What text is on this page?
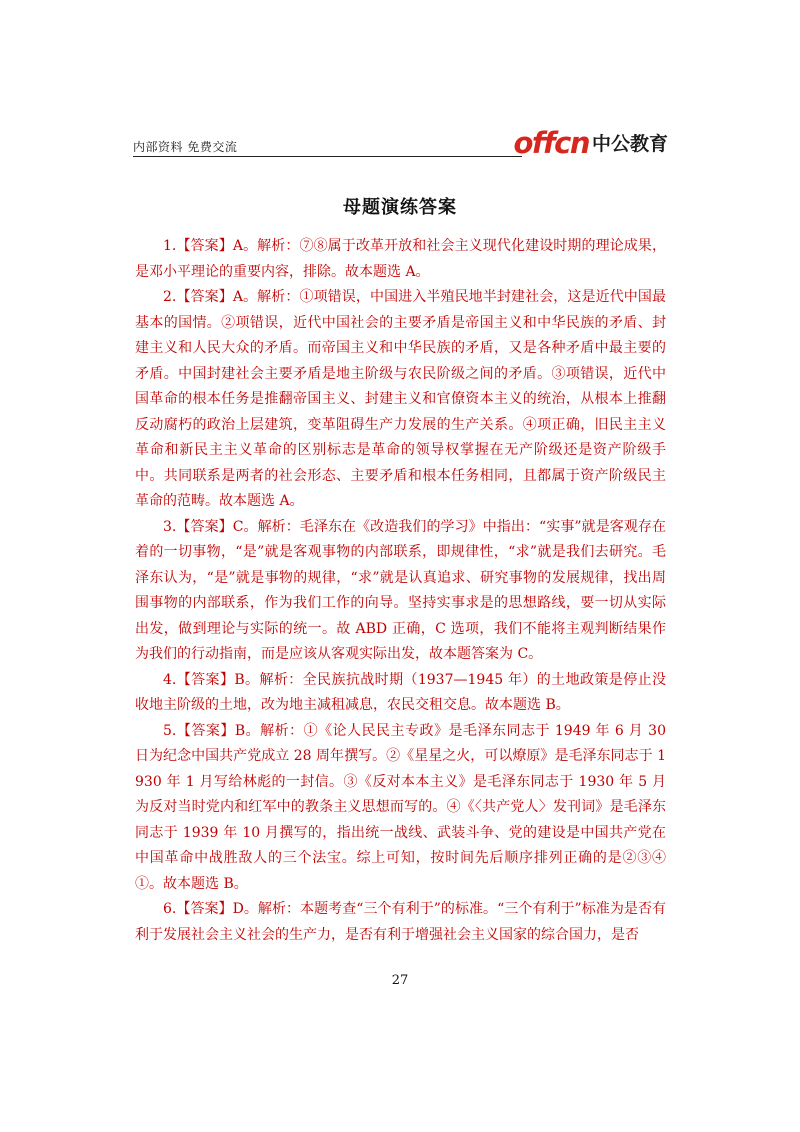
内部资料 免费交流	offcn 中公教育
母题演练答案

1.【答案】A。解析：⑦⑧属于改革开放和社会主义现代化建设时期的理论成果，是邓小平理论的重要内容，排除。故本题选 A。

2.【答案】A。解析：①项错误，中国进入半殖民地半封建社会，这是近代中国最基本的国情。②项错误，近代中国社会的主要矛盾是帝国主义和中华民族的矛盾、封建主义和人民大众的矛盾。而帝国主义和中华民族的矛盾，又是各种矛盾中最主要的矛盾。中国封建社会主要矛盾是地主阶级与农民阶级之间的矛盾。③项错误，近代中国革命的根本任务是推翻帝国主义、封建主义和官僚资本主义的统治，从根本上推翻反动腐朽的政治上层建筑，变革阻碍生产力发展的生产关系。④项正确，旧民主主义革命和新民主主义革命的区别标志是革命的领导权掌握在无产阶级还是资产阶级手中。共同联系是两者的社会形态、主要矛盾和根本任务相同，且都属于资产阶级民主革命的范畴。故本题选 A。

3.【答案】C。解析：毛泽东在《改造我们的学习》中指出：“实事”就是客观存在着的一切事物，“是”就是客观事物的内部联系，即规律性，“求”就是我们去研究。毛泽东认为，“是”就是事物的规律，“求”就是认真追求、研究事物的发展规律，找出周围事物的内部联系，作为我们工作的向导。坚持实事求是的思想路线，要一切从实际出发，做到理论与实际的统一。故 ABD 正确，C 选项，我们不能将主观判断结果作为我们的行动指南，而是应该从客观实际出发，故本题答案为 C。

4.【答案】B。解析：全民族抗战时期（1937—1945 年）的土地政策是停止没收地主阶级的土地，改为地主减租减息，农民交租交息。故本题选 B。

5.【答案】B。解析：①《论人民民主专政》是毛泽东同志于 1949 年 6 月 30 日为纪念中国共产党成立 28 周年撰写。②《星星之火，可以燎原》是毛泽东同志于 1930 年 1 月写给林彪的一封信。③《反对本本主义》是毛泽东同志于 1930 年 5 月为反对当时党内和红军中的教条主义思想而写的。④《〈共产党人〉发刊词》是毛泽东同志于 1939 年 10 月撰写的，指出统一战线、武装斗争、党的建设是中国共产党在中国革命中战胜敌人的三个法宝。综上可知，按时间先后顺序排列正确的是②③④①。故本题选 B。

6.【答案】D。解析：本题考查“三个有利于”的标准。“三个有利于”标准为是否有利于发展社会主义社会的生产力，是否有利于增强社会主义国家的综合国力，是否

27
